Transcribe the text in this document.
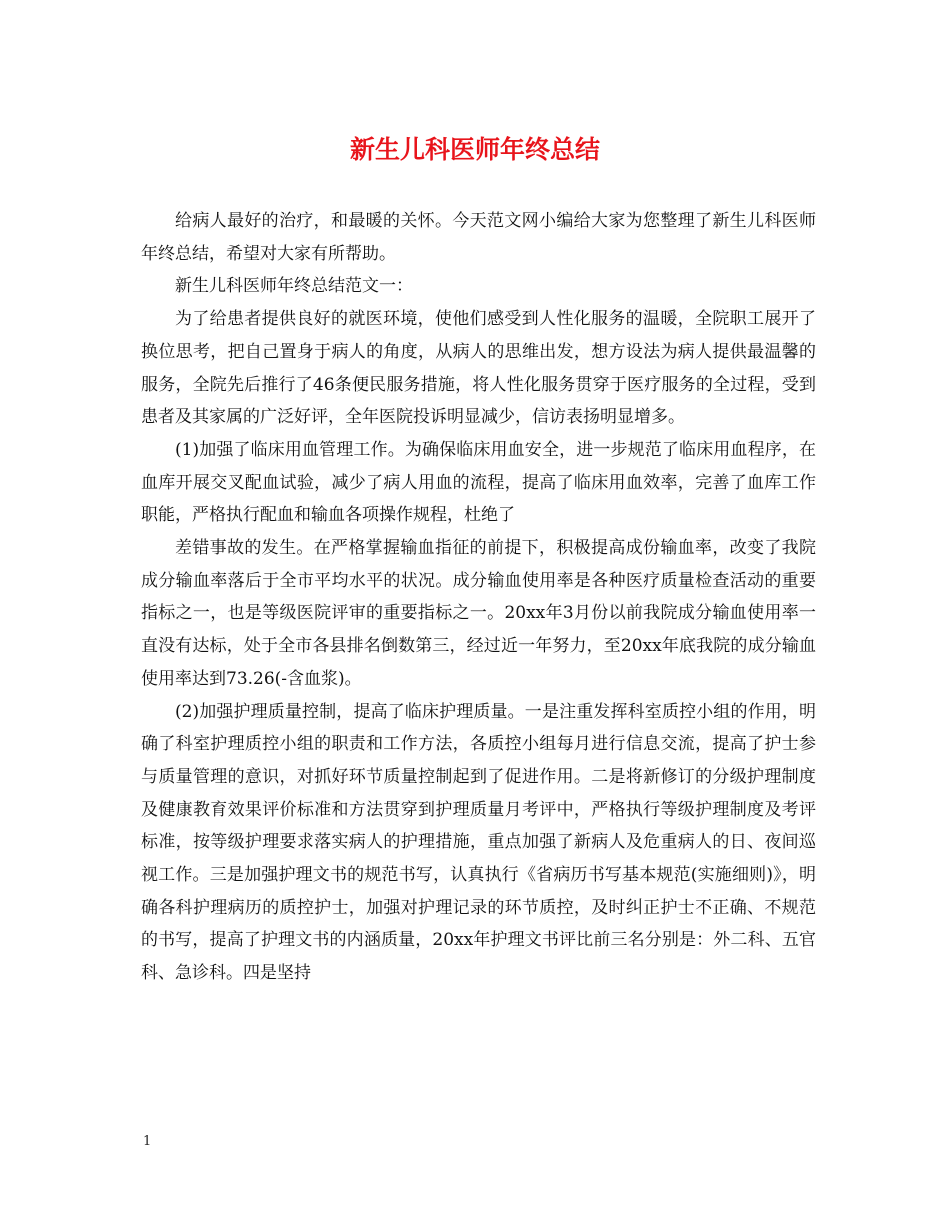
新生儿科医师年终总结

给病人最好的治疗，和最暖的关怀。今天范文网小编给大家为您整理了新生儿科医师年终总结，希望对大家有所帮助。

新生儿科医师年终总结范文一：

为了给患者提供良好的就医环境，使他们感受到人性化服务的温暖，全院职工展开了换位思考，把自己置身于病人的角度，从病人的思维出发，想方设法为病人提供最温馨的服务，全院先后推行了46条便民服务措施，将人性化服务贯穿于医疗服务的全过程，受到患者及其家属的广泛好评，全年医院投诉明显减少，信访表扬明显增多。

(1)加强了临床用血管理工作。为确保临床用血安全，进一步规范了临床用血程序，在血库开展交叉配血试验，减少了病人用血的流程，提高了临床用血效率，完善了血库工作职能，严格执行配血和输血各项操作规程，杜绝了

差错事故的发生。在严格掌握输血指征的前提下，积极提高成份输血率，改变了我院成分输血率落后于全市平均水平的状况。成分输血使用率是各种医疗质量检查活动的重要指标之一，也是等级医院评审的重要指标之一。20xx年3月份以前我院成分输血使用率一直没有达标，处于全市各县排名倒数第三，经过近一年努力，至20xx年底我院的成分输血使用率达到73.26(-含血浆)。

(2)加强护理质量控制，提高了临床护理质量。一是注重发挥科室质控小组的作用，明确了科室护理质控小组的职责和工作方法，各质控小组每月进行信息交流，提高了护士参与质量管理的意识，对抓好环节质量控制起到了促进作用。二是将新修订的分级护理制度及健康教育效果评价标准和方法贯穿到护理质量月考评中，严格执行等级护理制度及考评标准，按等级护理要求落实病人的护理措施，重点加强了新病人及危重病人的日、夜间巡视工作。三是加强护理文书的规范书写，认真执行《省病历书写基本规范(实施细则)》，明确各科护理病历的质控护士，加强对护理记录的环节质控，及时纠正护士不正确、不规范的书写，提高了护理文书的内涵质量，20xx年护理文书评比前三名分别是：外二科、五官科、急诊科。四是坚持

1
